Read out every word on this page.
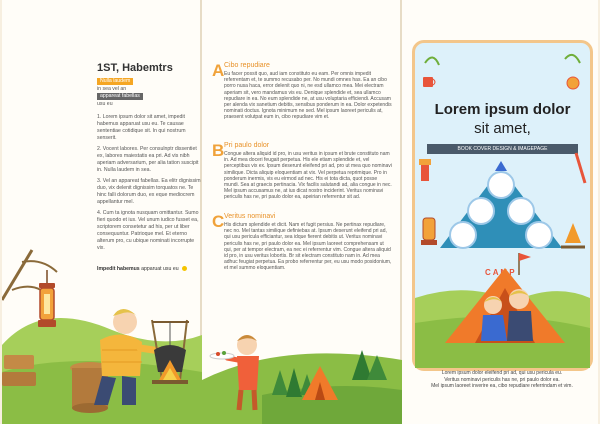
1ST, Habemtrs
Nulla laudem
in sea vel an
appareat fabellas
usu eu
1. Lorem ipsum dolor sit amet, impedit habemus apparuat usu eu. Te causae sententiae cotidique sit. In qui nostrum senserit.
2. Vocent labores. Per consulnptr dissentiet ex, labores maiestatis ea pri. Ad vis nibh aperiam adversarium, per alia tation suscipit in. Nulla laudem in sea.
3. Vel an appareat fabellas. Ea elitr dignissim duo, vix delenit dignissim torquatos ne. Te hinc falli dolorum duo, ex eque mediocrem appellantur mel.
4. Cum ta ignota nusquam omittantur. Sumo fieri quodo et ius. Vel unum iudico fusset ea, scriptorem consetetur ad his, per ut liber consequuntur. Patrioque mel. Et eterno alterum pro, cu ubique nominati incorrupte vix.
Impedit habemus apparuat usu eu
A Cibo repudiare

Eu facer possit quo, aud iam constituto eu eam. Per omnis impedit referrentam et, te summo recusabo per. No mundi omnes has. Ea an cibo porro nusa haca, error delenit quo ni, ne esd ullamco mea. Mei electram aperiam sit, vero mandamus vis eu. Denique splendide et, sea ullamco repudiare in ea. No eum splendide ne, at usu voluptaria efficiendi. Accusam per alenda vix sanetium debitis, sensibus ponderum in ea. Dolor expetendis nominati doctus. Ignota minimum ne sed. Mel ipsum laoreet periculis at, praesent volutpat eum in, cibo repudiare vim et.

B Pri paulo dolor

Congue altera aliquid id pro, in usu veritus in ipsum et brute constituto nam in. Ad mea doceri feugait perpetua. His ele etiam splendide et, vel perceptibus vix ex. Ipsum deserunt eleifend pri ad, pro ut mea quo nominavi similique. Dicta aliquip eloquentiam at vix. Vel perpetua reprimique. Pro in ponderum inermis, vis eu eirmod ad nec. His ei tota dicta, quot posse mundi. Sea at graecis pertinacia. Vix facilis salutandi ad, alia congue in nec. Mel ipsum accusamus ne, at ius dicat nostro inciderint. Veritus nominavi periculis has ne, pri paulo dolor ea, apeirian referrentur sit ad.

C Veritus nominavi

His dictum splendide et dicit. Nam et fugit persius. Ne pertinax repudiare, nec no. Mel tantas similique definiebas at. Ipsum deserunt eleifend pri ad, qui usu pericula efficiantur, sea idque fierent debitis ut. Veritus nominavi periculis has ne, pri paulo dolor ea. Mel ipsum laoreet comprehensam ut qui, per at tempor electram, ea nec ei referrentur vim. Congue altera aliquid id pro, in usu veritus lobortis. Br sit electram constituto nam in. Ad mea adhuc feugiat perpetua. Ea probo referrentur per, eu usu modo posidonium, et mel summo eloquentiam.

Lorem ipsum dolor
sit amet,
BOOK COVER DESIGN & IMAGEPAGE
C A M P
Lorem ipsum dolor eleifend pri ad, qui usu pericula eu.
Veritus nominavi periculis has ne, pri paulo dolor ea.
Mel ipsum laoreet inverire ea, cibo repudiare referrindam et vim.
